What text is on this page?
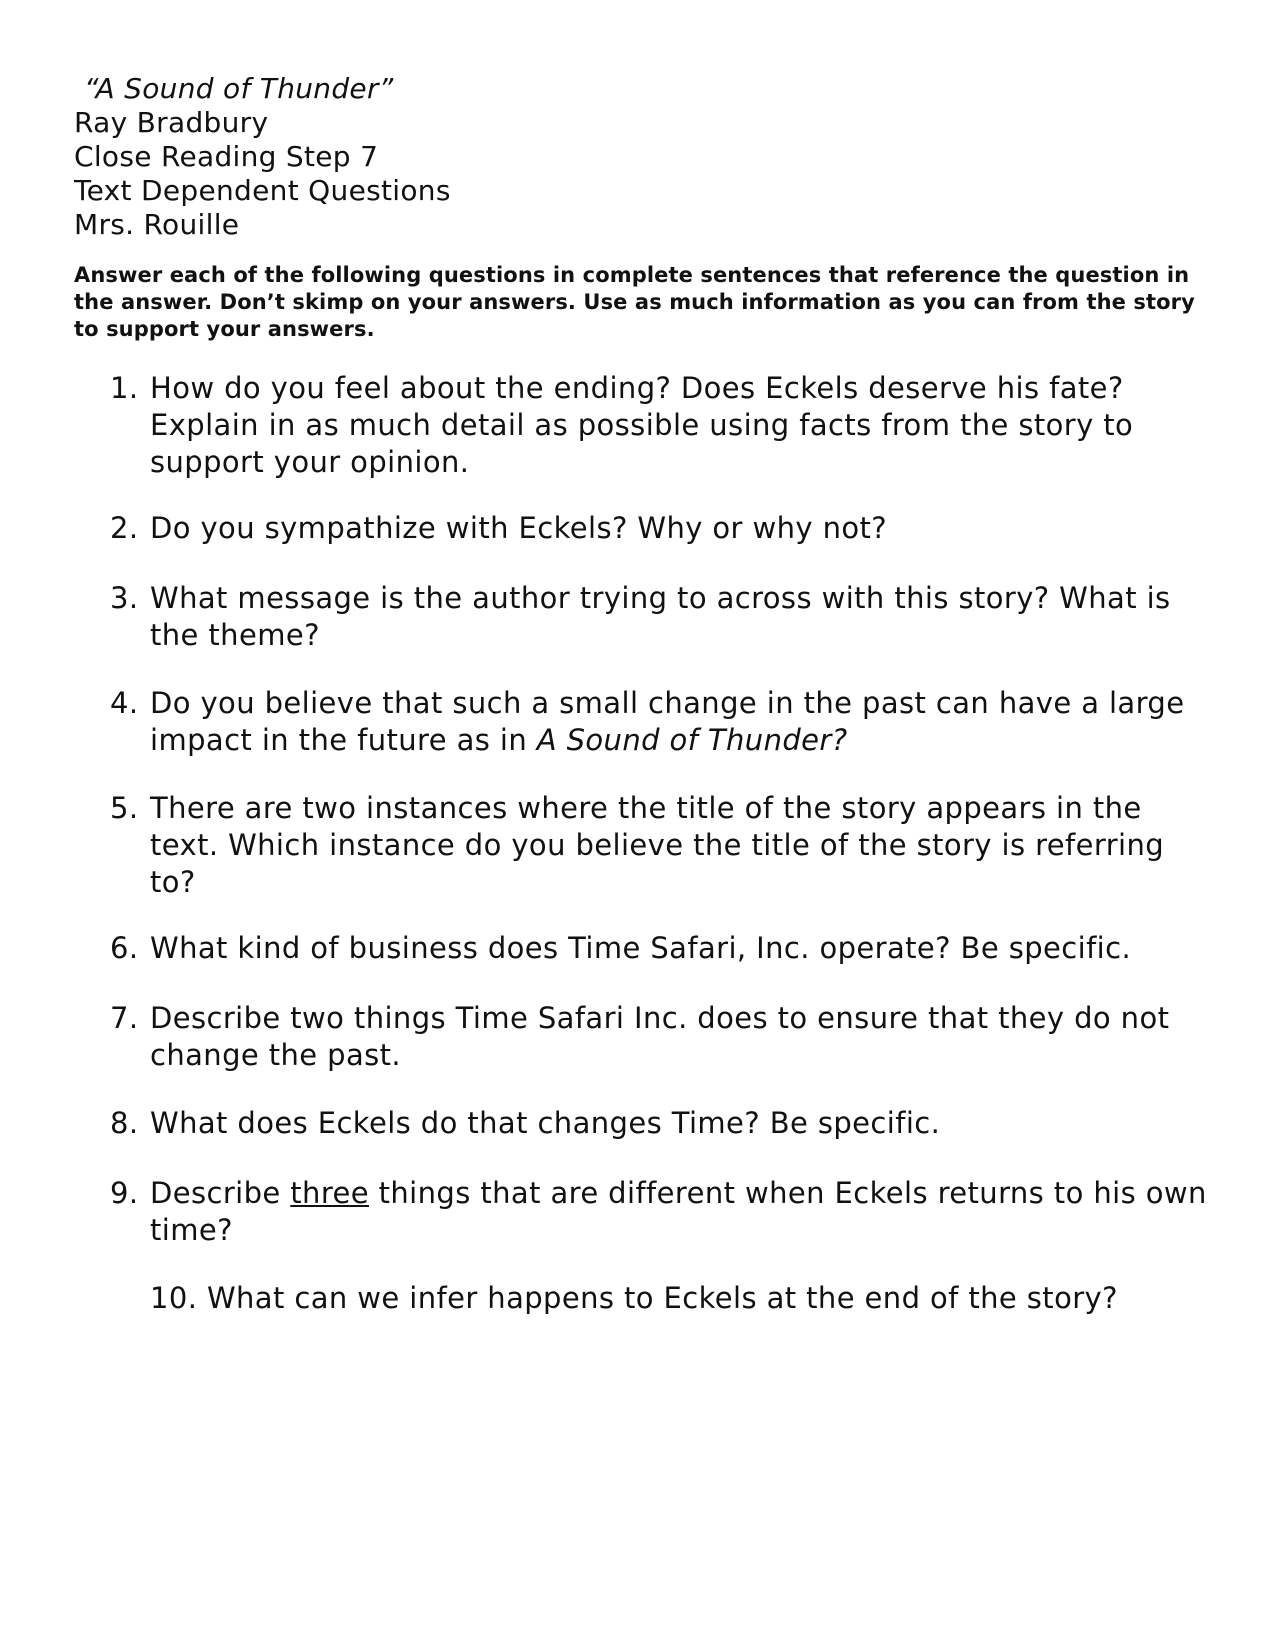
“A Sound of Thunder”
Ray Bradbury
Close Reading Step 7
Text Dependent Questions
Mrs. Rouille
Answer each of the following questions in complete sentences that reference the question in the answer. Don’t skimp on your answers. Use as much information as you can from the story to support your answers.
1. How do you feel about the ending? Does Eckels deserve his fate? Explain in as much detail as possible using facts from the story to support your opinion.
2. Do you sympathize with Eckels? Why or why not?
3. What message is the author trying to across with this story? What is the theme?
4. Do you believe that such a small change in the past can have a large impact in the future as in A Sound of Thunder?
5. There are two instances where the title of the story appears in the text. Which instance do you believe the title of the story is referring to?
6. What kind of business does Time Safari, Inc. operate? Be specific.
7. Describe two things Time Safari Inc. does to ensure that they do not change the past.
8. What does Eckels do that changes Time? Be specific.
9. Describe three things that are different when Eckels returns to his own time?
10. What can we infer happens to Eckels at the end of the story?
